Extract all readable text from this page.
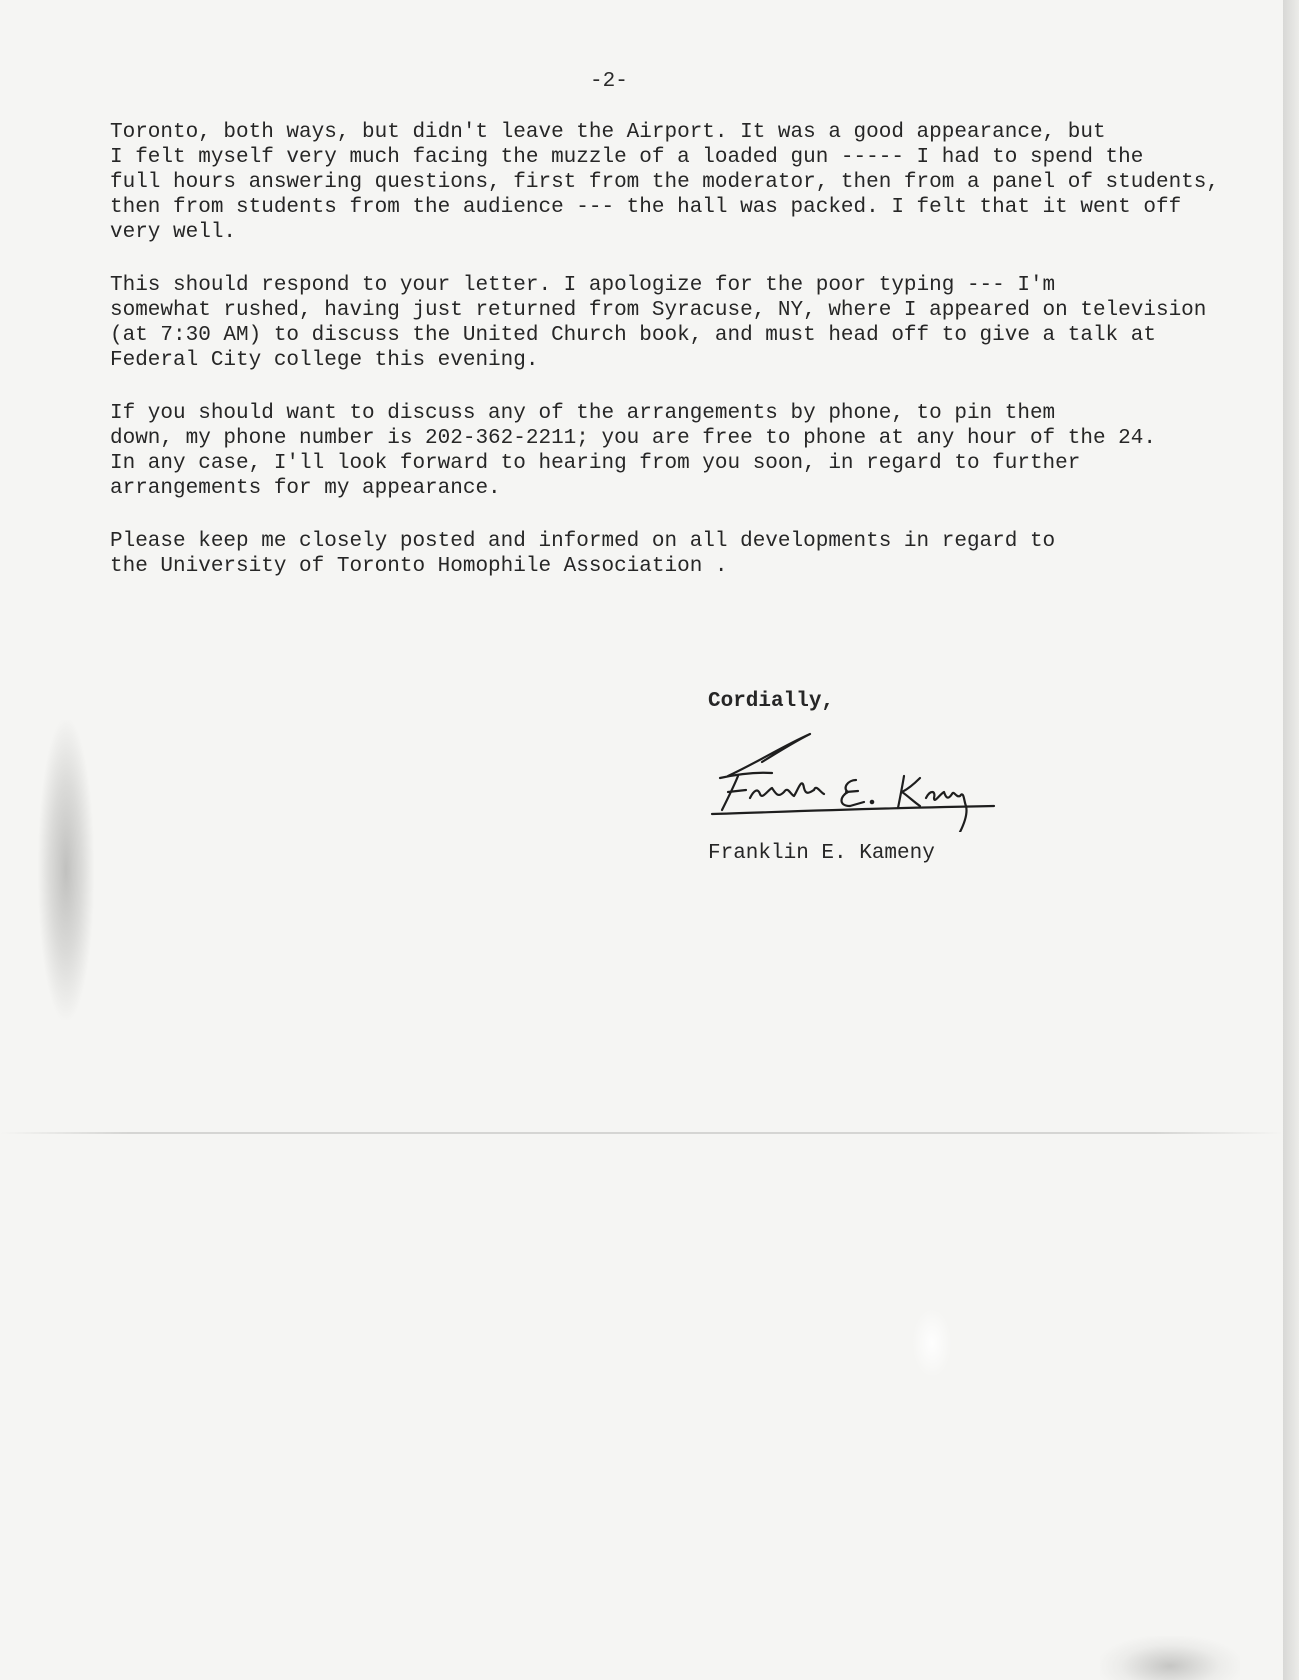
-2-

Toronto, both ways, but didn't leave the Airport. It was a good appearance, but
I felt myself very much facing the muzzle of a loaded gun ----- I had to spend the
full hours answering questions, first from the moderator, then from a panel of students,
then from students from the audience --- the hall was packed. I felt that it went off
very well.

This should respond to your letter. I apologize for the poor typing --- I'm
somewhat rushed, having just returned from Syracuse, NY, where I appeared on television
(at 7:30 AM) to discuss the United Church book, and must head off to give a talk at
Federal City college this evening.

If you should want to discuss any of the arrangements by phone, to pin them
down, my phone number is 202-362-2211; you are free to phone at any hour of the 24.
In any case, I'll look forward to hearing from you soon, in regard to further
arrangements for my appearance.

Please keep me closely posted and informed on all developments in regard to
the University of Toronto Homophile Association .

Cordially,
Franklin E. Kameny
